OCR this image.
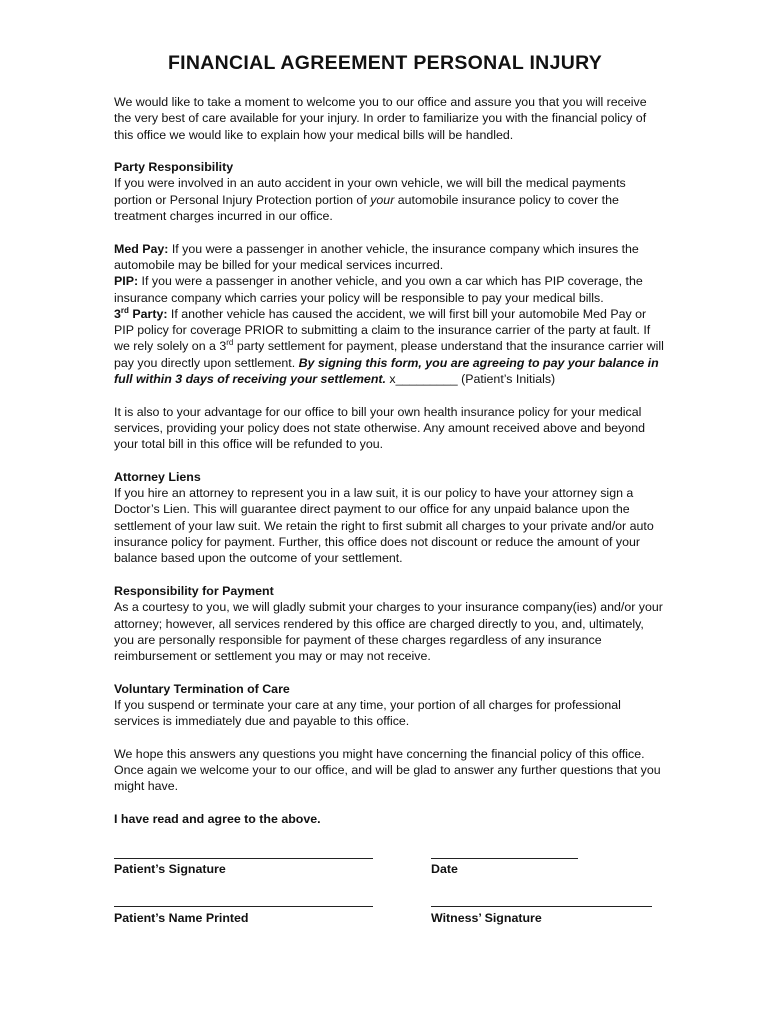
FINANCIAL AGREEMENT PERSONAL INJURY

We would like to take a moment to welcome you to our office and assure you that you will receive the very best of care available for your injury. In order to familiarize you with the financial policy of this office we would like to explain how your medical bills will be handled.

Party Responsibility
If you were involved in an auto accident in your own vehicle, we will bill the medical payments portion or Personal Injury Protection portion of your automobile insurance policy to cover the treatment charges incurred in our office.

Med Pay: If you were a passenger in another vehicle, the insurance company which insures the automobile may be billed for your medical services incurred.

PIP: If you were a passenger in another vehicle, and you own a car which has PIP coverage, the insurance company which carries your policy will be responsible to pay your medical bills.

3rd Party: If another vehicle has caused the accident, we will first bill your automobile Med Pay or PIP policy for coverage PRIOR to submitting a claim to the insurance carrier of the party at fault. If we rely solely on a 3rd party settlement for payment, please understand that the insurance carrier will pay you directly upon settlement. By signing this form, you are agreeing to pay your balance in full within 3 days of receiving your settlement. x_________ (Patient’s Initials)

It is also to your advantage for our office to bill your own health insurance policy for your medical services, providing your policy does not state otherwise. Any amount received above and beyond your total bill in this office will be refunded to you.

Attorney Liens
If you hire an attorney to represent you in a law suit, it is our policy to have your attorney sign a Doctor’s Lien. This will guarantee direct payment to our office for any unpaid balance upon the settlement of your law suit. We retain the right to first submit all charges to your private and/or auto insurance policy for payment. Further, this office does not discount or reduce the amount of your balance based upon the outcome of your settlement.

Responsibility for Payment
As a courtesy to you, we will gladly submit your charges to your insurance company(ies) and/or your attorney; however, all services rendered by this office are charged directly to you, and, ultimately, you are personally responsible for payment of these charges regardless of any insurance reimbursement or settlement you may or may not receive.

Voluntary Termination of Care
If you suspend or terminate your care at any time, your portion of all charges for professional services is immediately due and payable to this office.

We hope this answers any questions you might have concerning the financial policy of this office. Once again we welcome your to our office, and will be glad to answer any further questions that you might have.

I have read and agree to the above.
Patient’s Signature	Date
Patient’s Name Printed	Witness’ Signature
